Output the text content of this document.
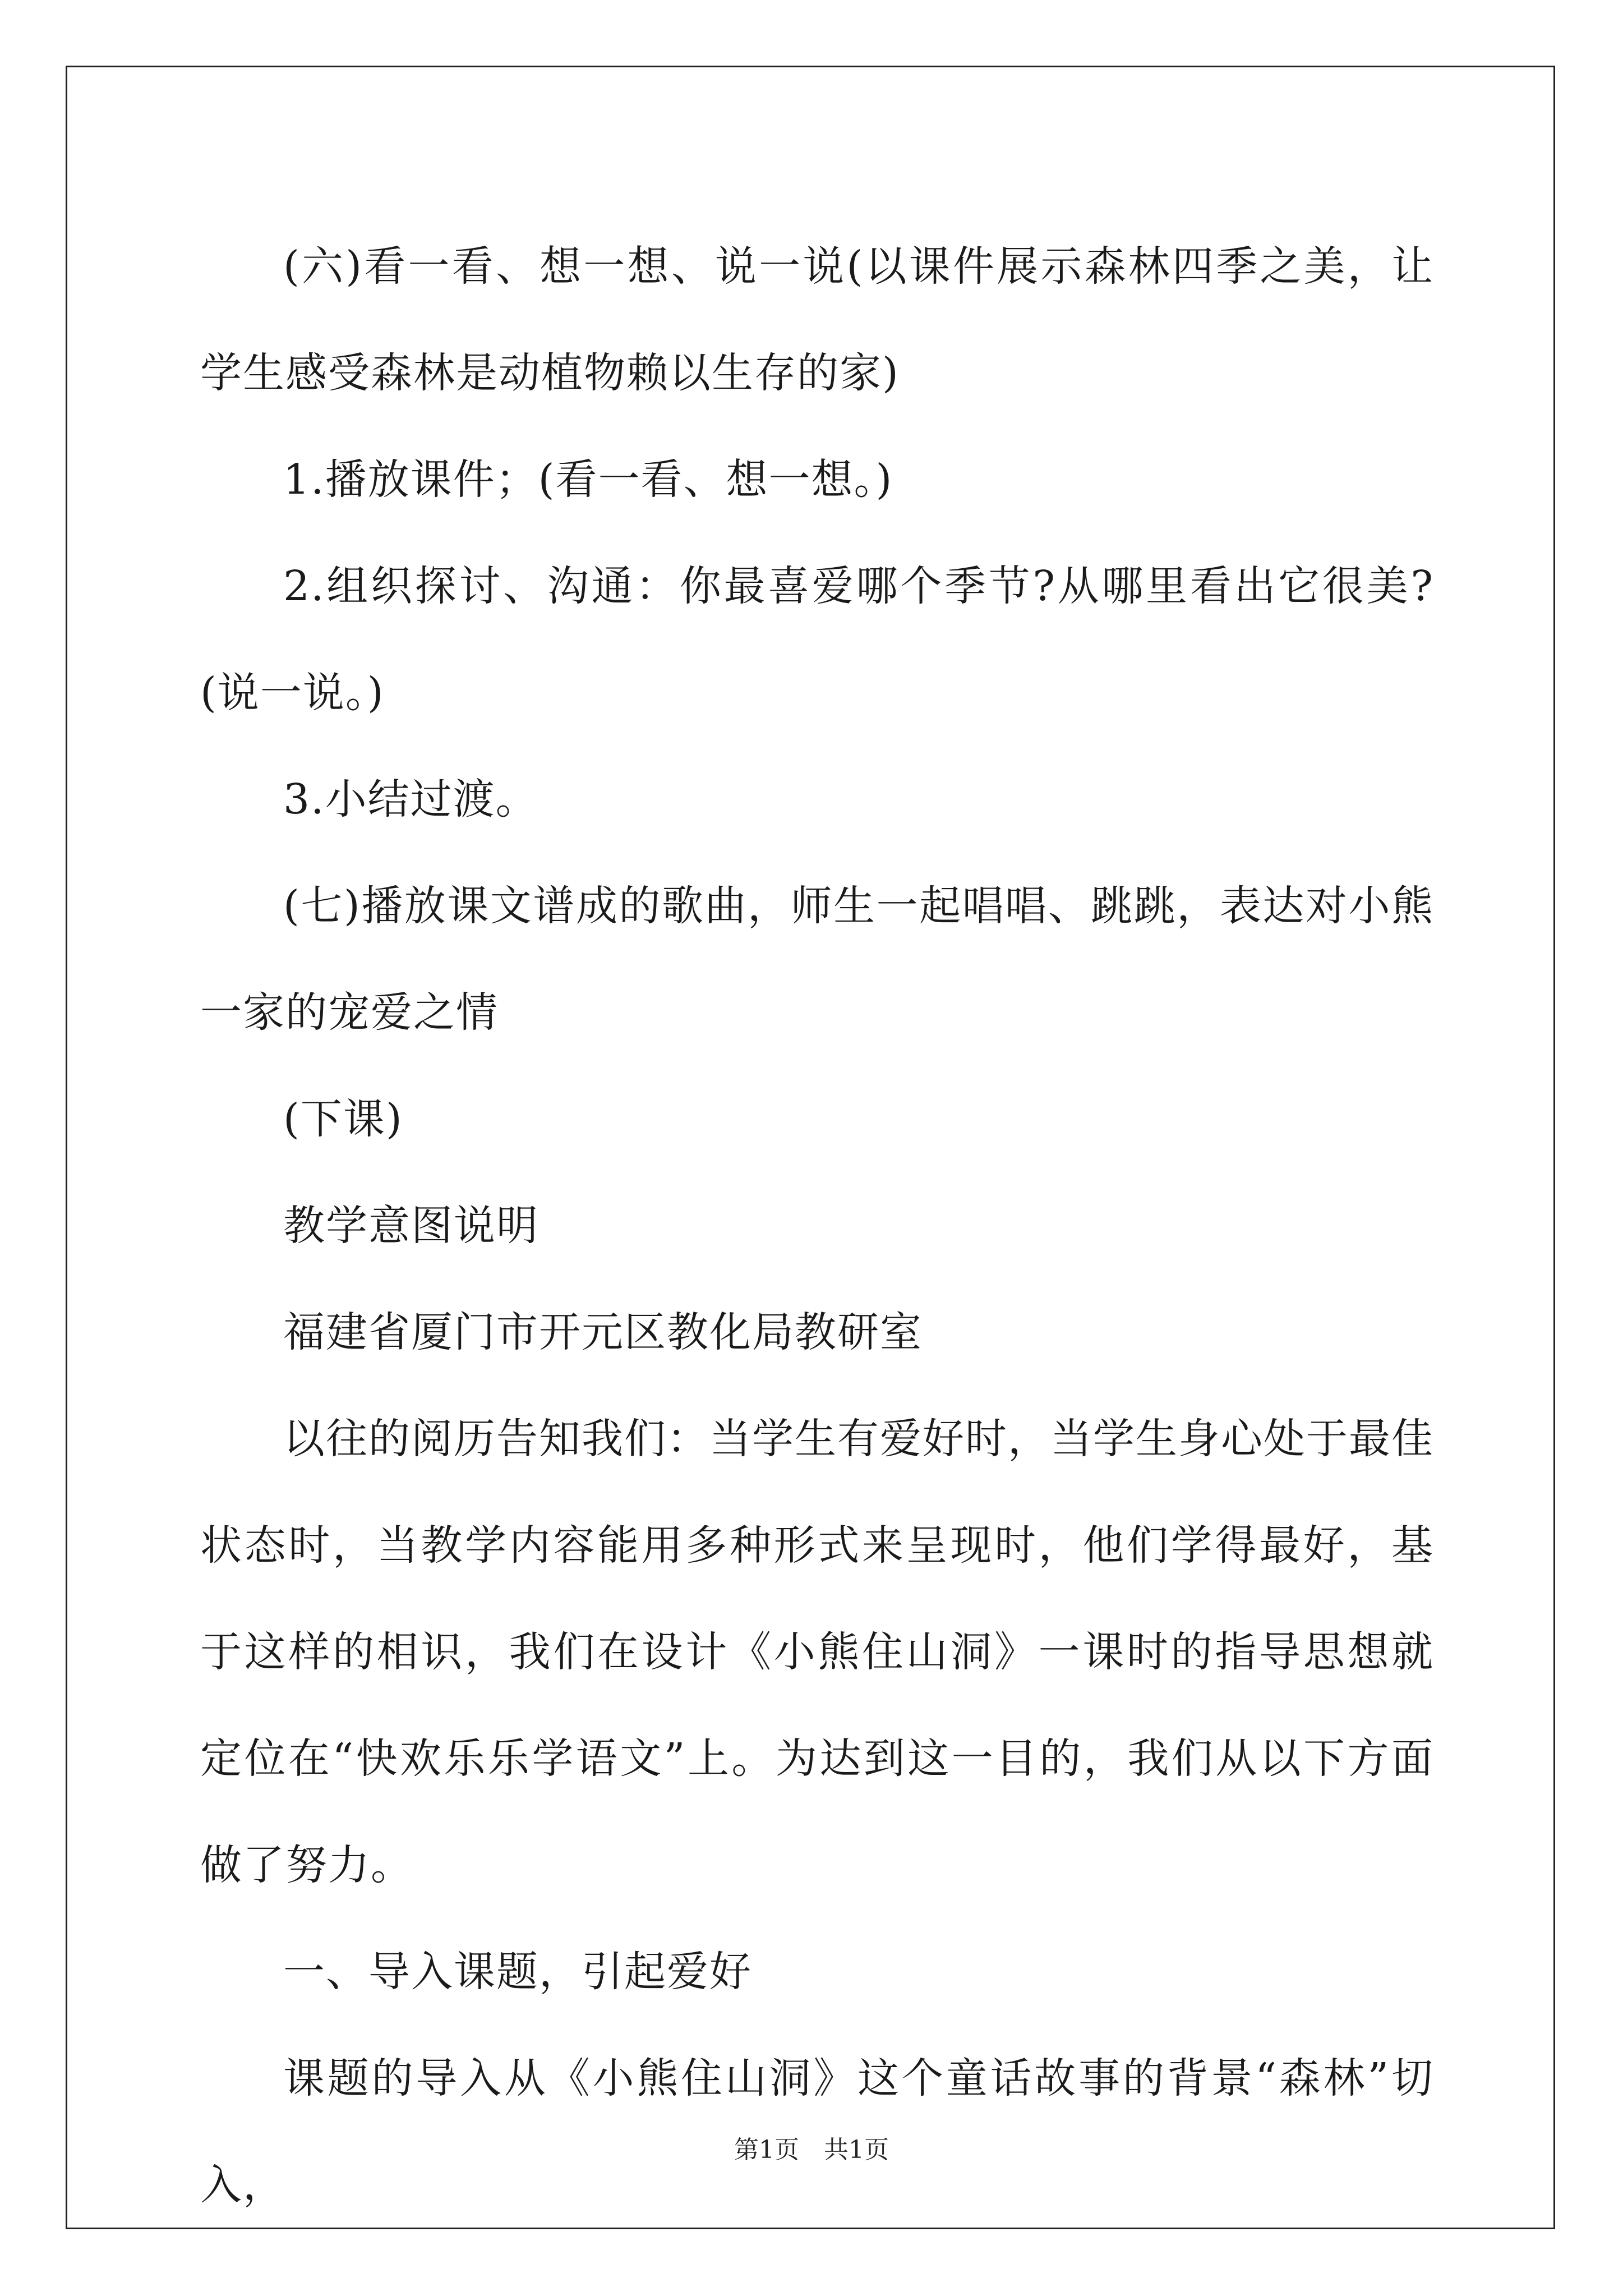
(六)看一看、想一想、说一说(以课件展示森林四季之美，让学生感受森林是动植物赖以生存的家)

1.播放课件；(看一看、想一想。)

2.组织探讨、沟通：你最喜爱哪个季节?从哪里看出它很美?(说一说。)

3.小结过渡。

(七)播放课文谱成的歌曲，师生一起唱唱、跳跳，表达对小熊一家的宠爱之情

(下课)

教学意图说明

福建省厦门市开元区教化局教研室

以往的阅历告知我们：当学生有爱好时，当学生身心处于最佳状态时，当教学内容能用多种形式来呈现时，他们学得最好，基于这样的相识，我们在设计《小熊住山洞》一课时的指导思想就定位在“快欢乐乐学语文”上。为达到这一目的，我们从以下方面做了努力。

一、导入课题，引起爱好

课题的导入从《小熊住山洞》这个童话故事的背景“森林”切入，

第1页 共1页
